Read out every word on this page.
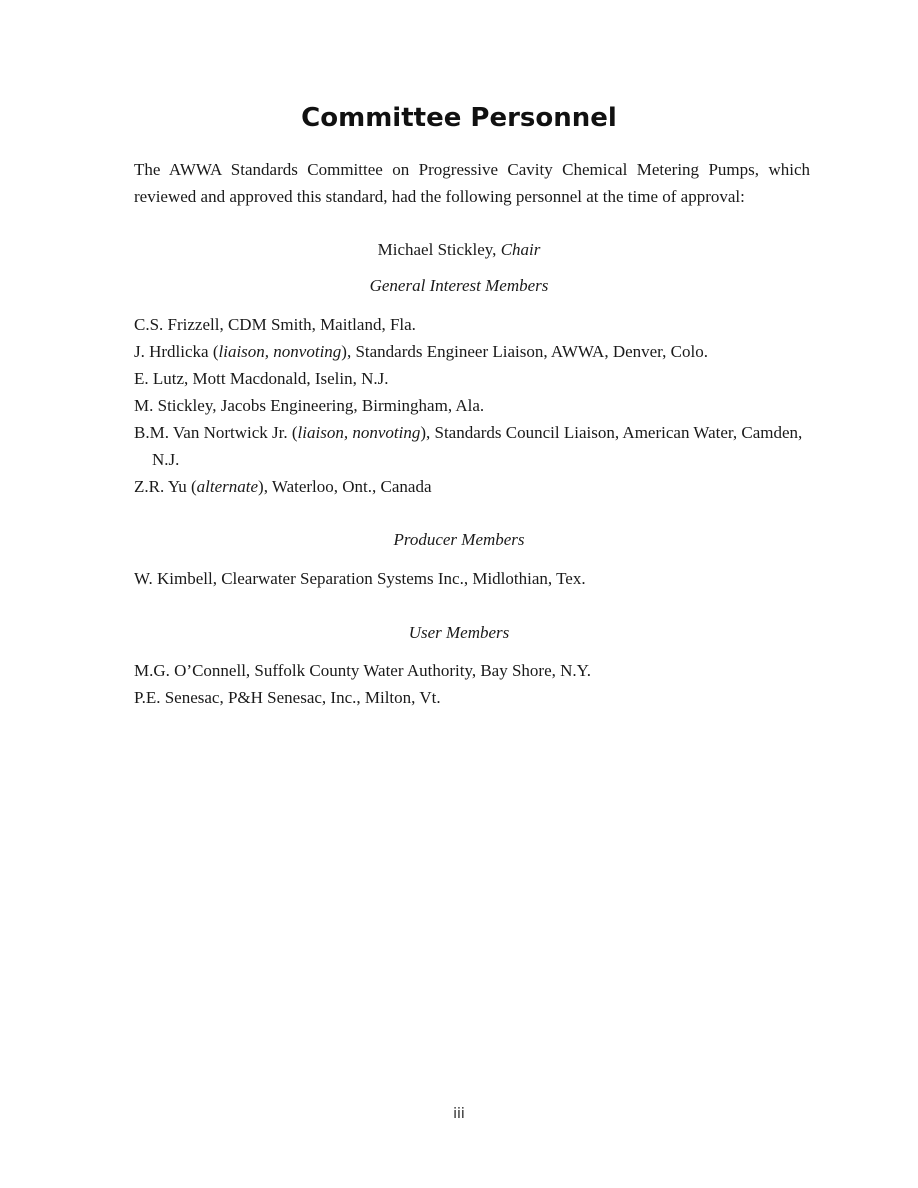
Committee Personnel

The AWWA Standards Committee on Progressive Cavity Chemical Metering Pumps, which reviewed and approved this standard, had the following personnel at the time of approval:

Michael Stickley, Chair

General Interest Members

C.S. Frizzell, CDM Smith, Maitland, Fla.
J. Hrdlicka (liaison, nonvoting), Standards Engineer Liaison, AWWA, Denver, Colo.
E. Lutz, Mott Macdonald, Iselin, N.J.
M. Stickley, Jacobs Engineering, Birmingham, Ala.
B.M. Van Nortwick Jr. (liaison, nonvoting), Standards Council Liaison, American Water, Camden, N.J.
Z.R. Yu (alternate), Waterloo, Ont., Canada

Producer Members

W. Kimbell, Clearwater Separation Systems Inc., Midlothian, Tex.

User Members

M.G. O’Connell, Suffolk County Water Authority, Bay Shore, N.Y.
P.E. Senesac, P&H Senesac, Inc., Milton, Vt.

iii
